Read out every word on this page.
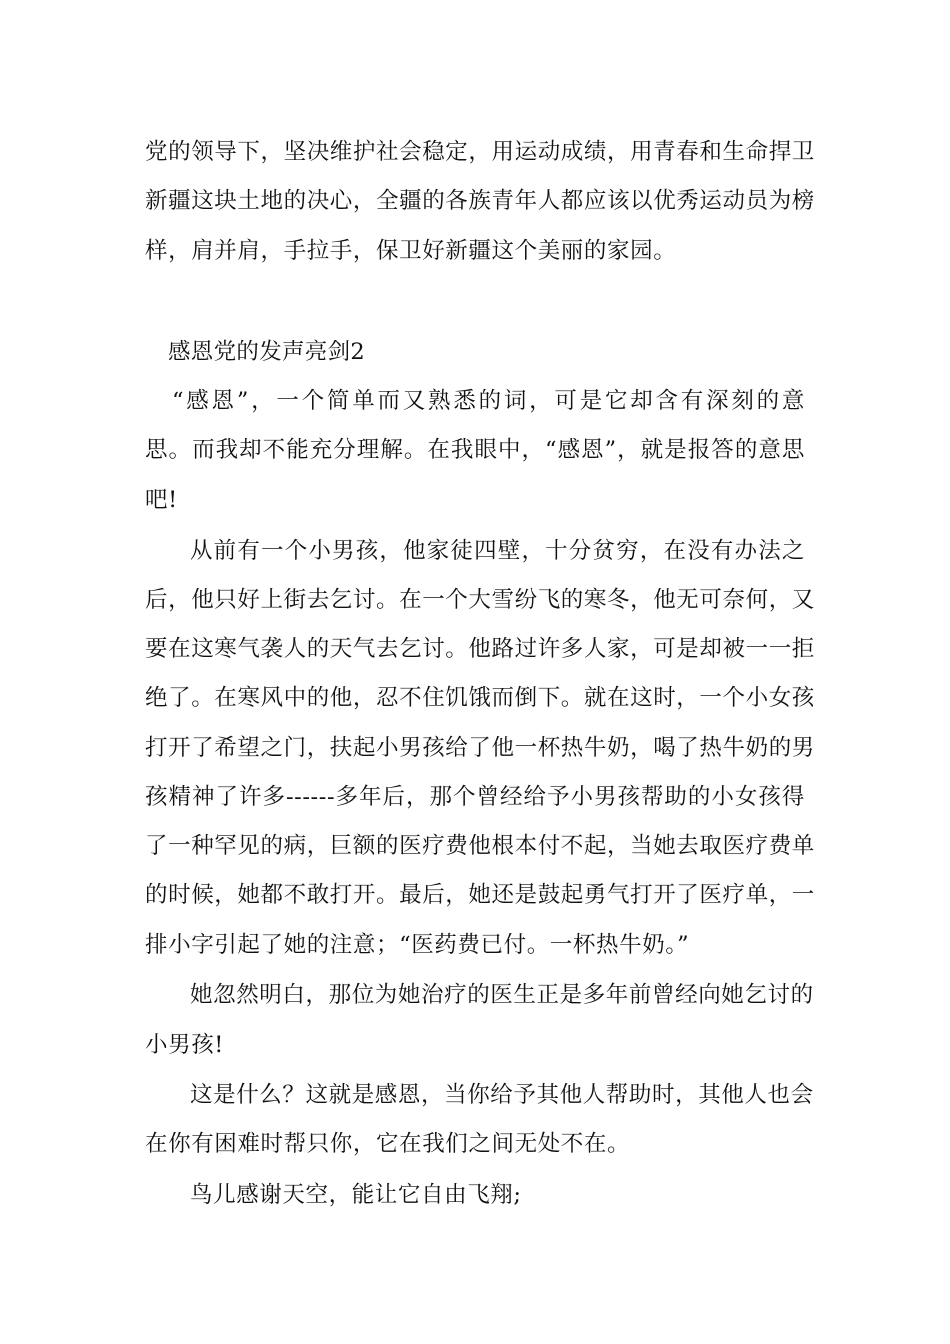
党的领导下，坚决维护社会稳定，用运动成绩，用青春和生命捍卫
新疆这块土地的决心，全疆的各族青年人都应该以优秀运动员为榜
样，肩并肩，手拉手，保卫好新疆这个美丽的家园。
感恩党的发声亮剑2
“感恩”，一个简单而又熟悉的词，可是它却含有深刻的意
思。而我却不能充分理解。在我眼中，“感恩”，就是报答的意思
吧!
从前有一个小男孩，他家徒四壁，十分贫穷，在没有办法之
后，他只好上街去乞讨。在一个大雪纷飞的寒冬，他无可奈何，又
要在这寒气袭人的天气去乞讨。他路过许多人家，可是却被一一拒
绝了。在寒风中的他，忍不住饥饿而倒下。就在这时，一个小女孩
打开了希望之门，扶起小男孩给了他一杯热牛奶，喝了热牛奶的男
孩精神了许多------多年后，那个曾经给予小男孩帮助的小女孩得
了一种罕见的病，巨额的医疗费他根本付不起，当她去取医疗费单
的时候，她都不敢打开。最后，她还是鼓起勇气打开了医疗单，一
排小字引起了她的注意；“医药费已付。一杯热牛奶。”
她忽然明白，那位为她治疗的医生正是多年前曾经向她乞讨的
小男孩!
这是什么？这就是感恩，当你给予其他人帮助时，其他人也会
在你有困难时帮只你，它在我们之间无处不在。
鸟儿感谢天空，能让它自由飞翔;
